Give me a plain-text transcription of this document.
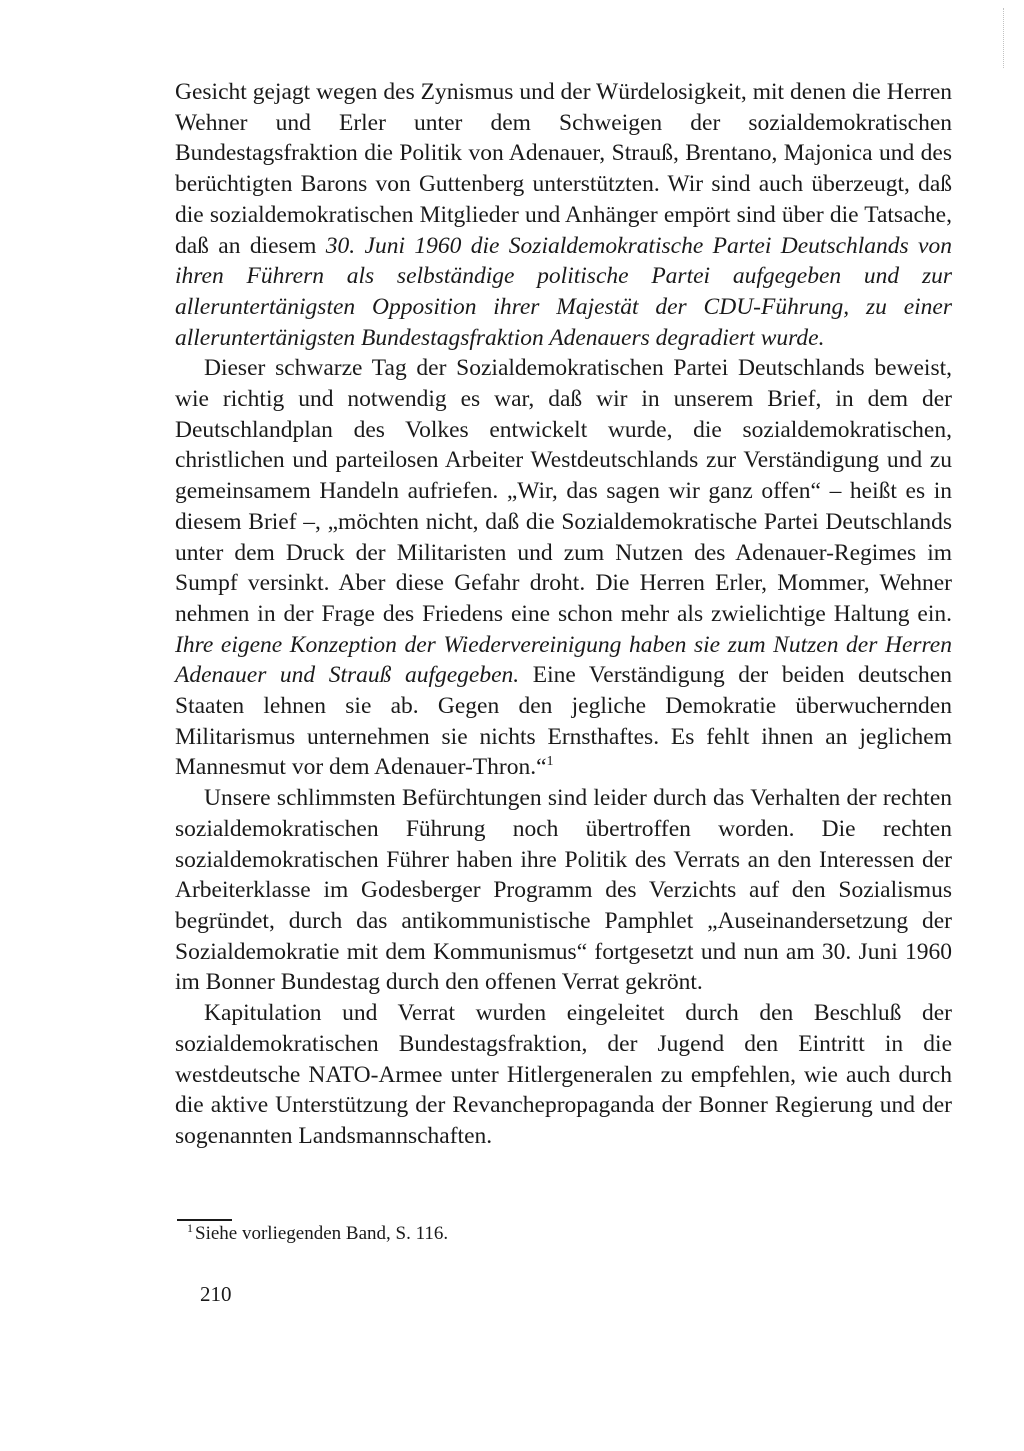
Gesicht gejagt wegen des Zynismus und der Würdelosigkeit, mit denen die Herren Wehner und Erler unter dem Schweigen der sozialdemokratischen Bundestagsfraktion die Politik von Adenauer, Strauß, Brentano, Majonica und des berüchtigten Barons von Guttenberg unterstützten. Wir sind auch überzeugt, daß die sozialdemokratischen Mitglieder und Anhänger empört sind über die Tatsache, daß an diesem 30. Juni 1960 die Sozialdemokratische Partei Deutschlands von ihren Führern als selbständige politische Partei aufgegeben und zur alleruntertänigsten Opposition ihrer Majestät der CDU-Führung, zu einer alleruntertänigsten Bundestagsfraktion Adenauers degradiert wurde.

Dieser schwarze Tag der Sozialdemokratischen Partei Deutschlands beweist, wie richtig und notwendig es war, daß wir in unserem Brief, in dem der Deutschlandplan des Volkes entwickelt wurde, die sozialdemokratischen, christlichen und parteilosen Arbeiter Westdeutschlands zur Verständigung und zu gemeinsamem Handeln aufriefen. „Wir, das sagen wir ganz offen“ – heißt es in diesem Brief –, „möchten nicht, daß die Sozialdemokratische Partei Deutschlands unter dem Druck der Militaristen und zum Nutzen des Adenauer-Regimes im Sumpf versinkt. Aber diese Gefahr droht. Die Herren Erler, Mommer, Wehner nehmen in der Frage des Friedens eine schon mehr als zwielichtige Haltung ein. Ihre eigene Konzeption der Wiedervereinigung haben sie zum Nutzen der Herren Adenauer und Strauß aufgegeben. Eine Verständigung der beiden deutschen Staaten lehnen sie ab. Gegen den jegliche Demokratie überwuchernden Militarismus unternehmen sie nichts Ernsthaftes. Es fehlt ihnen an jeglichem Mannesmut vor dem Adenauer-Thron.“$^1$

Unsere schlimmsten Befürchtungen sind leider durch das Verhalten der rechten sozialdemokratischen Führung noch übertroffen worden. Die rechten sozialdemokratischen Führer haben ihre Politik des Verrats an den Interessen der Arbeiterklasse im Godesberger Programm des Verzichts auf den Sozialismus begründet, durch das antikommunistische Pamphlet „Auseinandersetzung der Sozialdemokratie mit dem Kommunismus“ fortgesetzt und nun am 30. Juni 1960 im Bonner Bundestag durch den offenen Verrat gekrönt.

Kapitulation und Verrat wurden eingeleitet durch den Beschluß der sozialdemokratischen Bundestagsfraktion, der Jugend den Eintritt in die westdeutsche NATO-Armee unter Hitlergeneralen zu empfehlen, wie auch durch die aktive Unterstützung der Revanchepropaganda der Bonner Regierung und der sogenannten Landsmannschaften.

$^1$ Siehe vorliegenden Band, S. 116.

210
